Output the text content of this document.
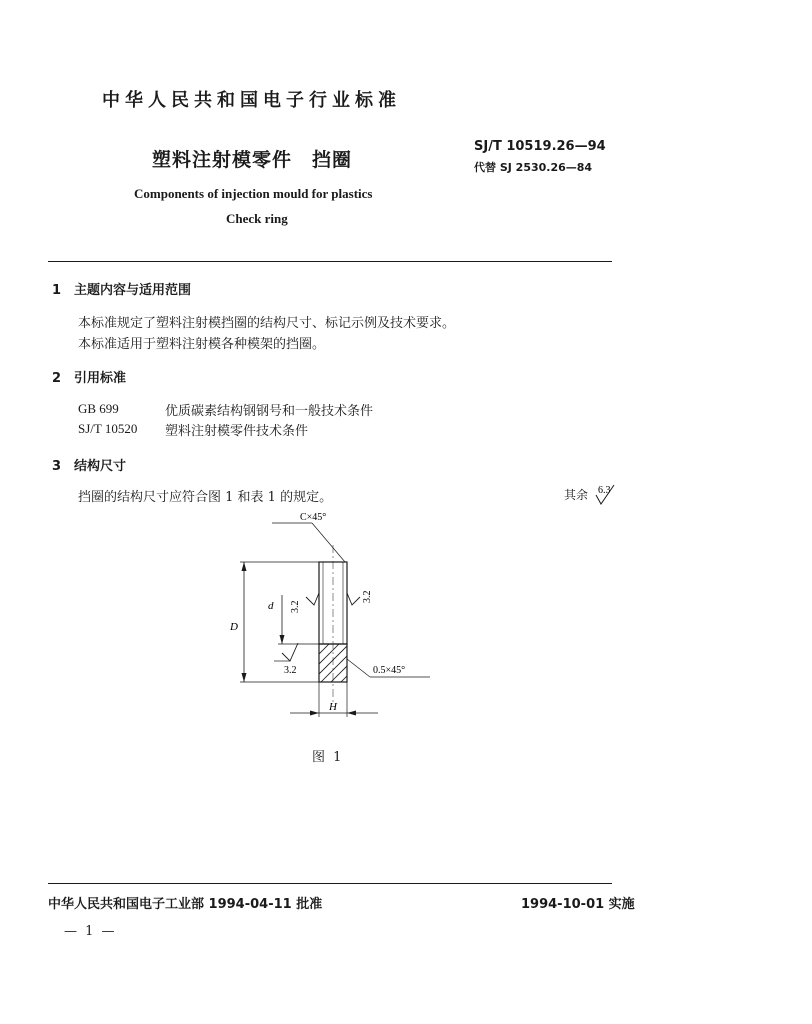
中华人民共和国电子行业标准
塑料注射模零件　挡圈
SJ/T 10519.26—94
代替 SJ 2530.26—84
Components of injection mould for plastics
Check ring
1 主题内容与适用范围
本标准规定了塑料注射模挡圈的结构尺寸、标记示例及技术要求。
本标准适用于塑料注射模各种模架的挡圈。
2 引用标准
GB 699	优质碳素结构钢钢号和一般技术条件
SJ/T 10520 塑料注射模零件技术条件
3 结构尺寸
挡圈的结构尺寸应符合图 1 和表 1 的规定。	其余 6.3
C×45°
D
d
H
0.5×45°
3.2
3.2
3.2
图 1
中华人民共和国电子工业部 1994-04-11 批准	1994-10-01 实施
— 1 —
